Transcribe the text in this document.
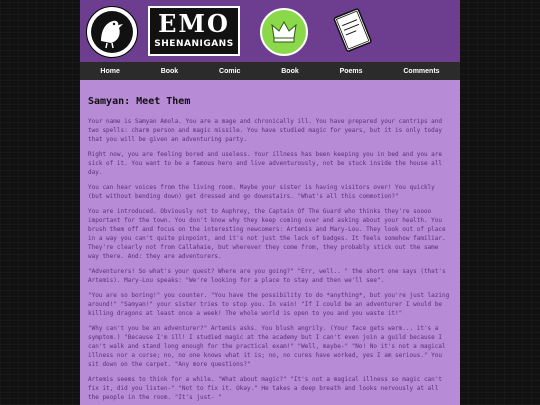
EMO
SHENANIGANS
Home	Book	Comic	Book	Poems	Comments
Samyan: Meet Them

Your name is Samyan Amola. You are a mage and chronically ill. You have prepared your cantrips and two spells: charm person and magic missile. You have studied magic for years, but it is only today that you will be given an adventuring party.

Right now, you are feeling bored and useless. Your illness has been keeping you in bed and you are sick of it. You want to be a famous hero and live adventurously, not be stuck inside the house all day.

You can hear voices from the living room. Maybe your sister is having visitors over! You quickly (but without bending down) get dressed and go downstairs. "What's all this commotion?"

You are introduced. Obviously not to Auphrey, the Captain Of The Guard who thinks they're soooo important for the town. You don't know why they keep coming over and asking about your health. You brush them off and focus on the interesting newcomers: Artemis and Mary-Lou. They look out of place in a way you can't quite pinpoint, and it's not just the lack of badges. It feels somehow familiar. They're clearly not from Callahaie, but wherever they come from, they probably stick out the same way there. And: they are adventurers.

"Adventurers! So what's your quest? Where are you going?" "Err, well.. " the short one says (that's Artemis). Mary-Lou speaks: "We're looking for a place to stay and then we'll see".

"You are so boring!" you counter. "You have the possibility to do *anything*, but you're just lazing around!" "Samyan!" your sister tries to stop you. In vain! "If I could be an adventurer I would be killing dragons at least once a week! The whole world is open to you and you waste it!"

"Why can't you be an adventurer?" Artemis asks. You blush angrily. (Your face gets warm... it's a symptom.) "Because I'm ill! I studied magic at the academy but I can't even join a guild because I can't walk and stand long enough for the practical exam!" "Well, maybe-" "No! No it's not a magical illness nor a curse; no, no one knows what it is; no, no cures have worked, yes I am serious." You sit down on the carpet. "Any more questions?"

Artemis seems to think for a while. "What about magic?" "It's not a magical illness so magic can't fix it, did you listen-" "Not to fix it. Okay." He takes a deep breath and looks nervously at all the people in the room. "It's just- "
